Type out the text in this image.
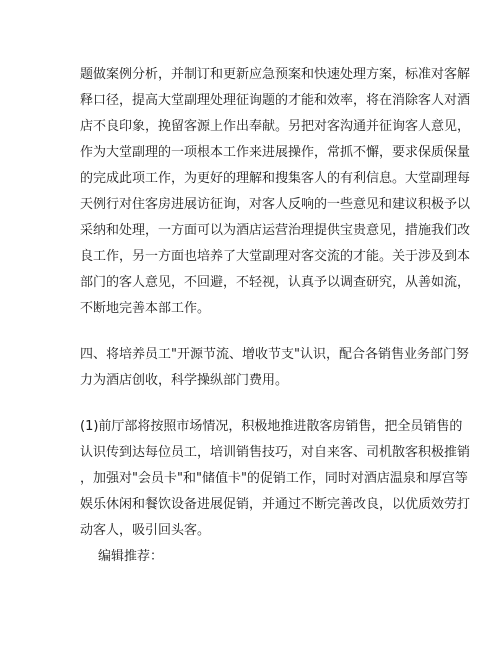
题做案例分析，并制订和更新应急预案和快速处理方案，标准对客解
释口径，提高大堂副理处理征询题的才能和效率，将在消除客人对酒
店不良印象，挽留客源上作出奉献。另把对客沟通并征询客人意见，
作为大堂副理的一项根本工作来进展操作，常抓不懈，要求保质保量
的完成此项工作，为更好的理解和搜集客人的有利信息。大堂副理每
天例行对住客房进展访征询，对客人反响的一些意见和建议积极予以
采纳和处理，一方面可以为酒店运营治理提供宝贵意见，措施我们改
良工作，另一方面也培养了大堂副理对客交流的才能。关于涉及到本
部门的客人意见，不回避，不轻视，认真予以调查研究，从善如流，
不断地完善本部工作。

四、将培养员工"开源节流、增收节支"认识，配合各销售业务部门努
力为酒店创收，科学操纵部门费用。

(1)前厅部将按照市场情况，积极地推进散客房销售，把全员销售的
认识传到达每位员工，培训销售技巧，对自来客、司机散客积极推销
，加强对"会员卡"和"储值卡"的促销工作，同时对酒店温泉和厚宫等
娱乐休闲和餐饮设备进展促销，并通过不断完善改良，以优质效劳打
动客人，吸引回头客。

编辑推荐：
